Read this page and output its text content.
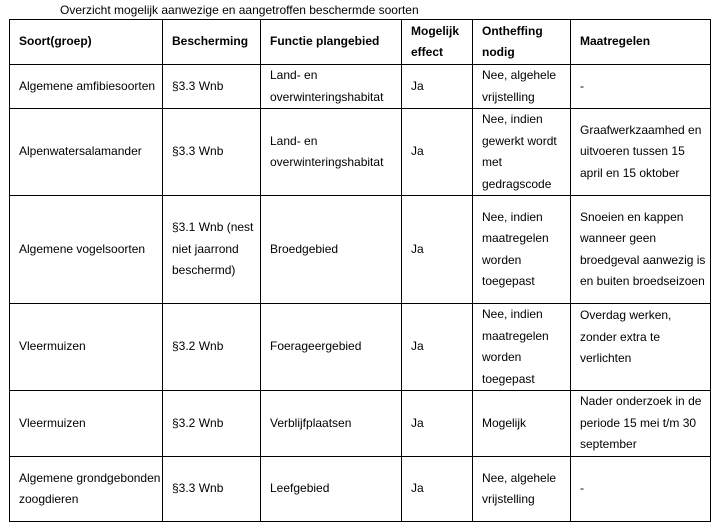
Overzicht mogelijk aanwezige en aangetroffen beschermde soorten
Soort(groep)	Bescherming	Functie plangebied	Mogelijk effect	Ontheffing nodig	Maatregelen

Algemene amfibiesoorten	§3.3 Wnb	Land- en overwinteringshabitat	Ja	Nee, algehele vrijstelling	-

Alpenwatersalamander	§3.3 Wnb	Land- en overwinteringshabitat	Ja	Nee, indien gewerkt wordt met gedragscode	Graafwerkzaamhed en uitvoeren tussen 15 april en 15 oktober

Algemene vogelsoorten	§3.1 Wnb (nest niet jaarrond beschermd)	Broedgebied	Ja	Nee, indien maatregelen worden toegepast	Snoeien en kappen wanneer geen broedgeval aanwezig is en buiten broedseizoen

Vleermuizen	§3.2 Wnb	Foerageergebied	Ja	Nee, indien maatregelen worden toegepast	Overdag werken, zonder extra te verlichten

Vleermuizen	§3.2 Wnb	Verblijfplaatsen	Ja	Mogelijk	Nader onderzoek in de periode 15 mei t/m 30 september

Algemene grondgebonden zoogdieren	§3.3 Wnb	Leefgebied	Ja	Nee, algehele vrijstelling	-
